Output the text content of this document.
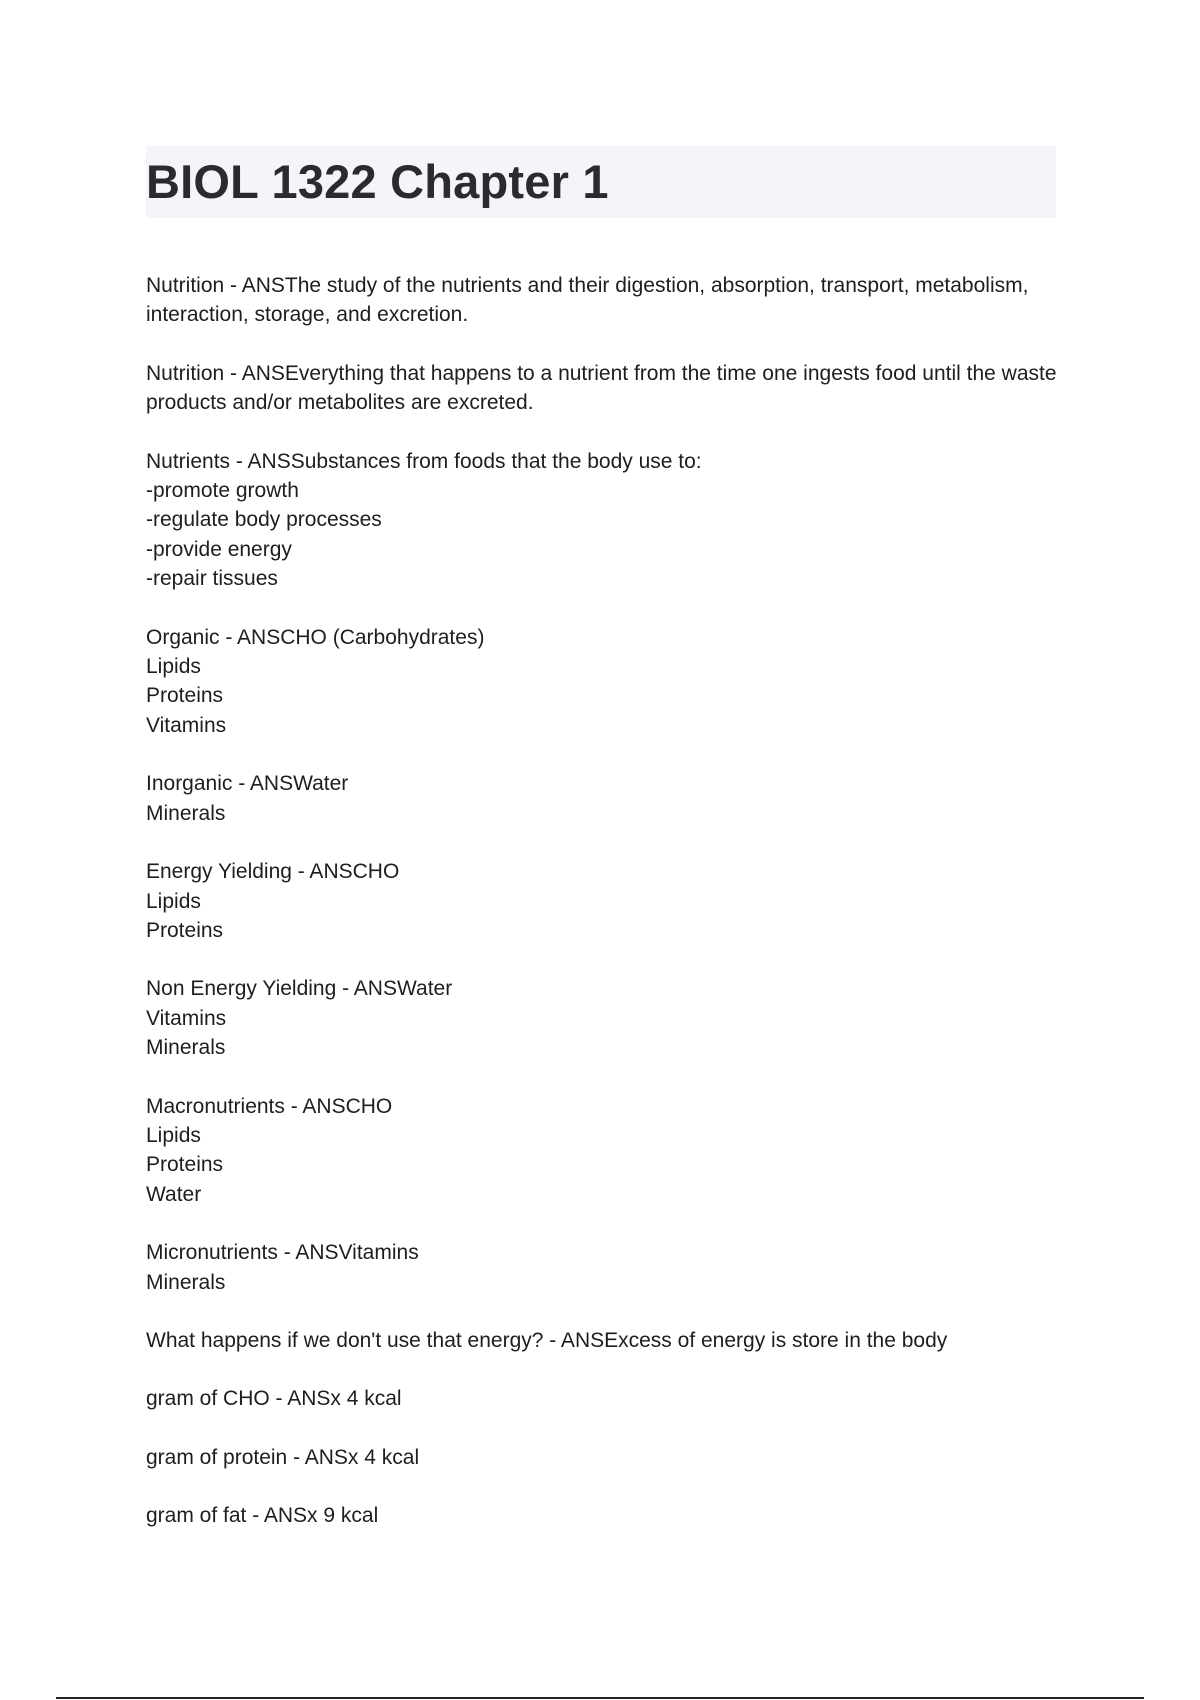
BIOL 1322 Chapter 1
Nutrition - ANSThe study of the nutrients and their digestion, absorption, transport, metabolism, interaction, storage, and excretion.
Nutrition - ANSEverything that happens to a nutrient from the time one ingests food until the waste products and/or metabolites are excreted.
Nutrients - ANSSubstances from foods that the body use to:
-promote growth
-regulate body processes
-provide energy
-repair tissues
Organic - ANSCHO (Carbohydrates)
Lipids
Proteins
Vitamins
Inorganic - ANSWater
Minerals
Energy Yielding - ANSCHO
Lipids
Proteins
Non Energy Yielding - ANSWater
Vitamins
Minerals
Macronutrients - ANSCHO
Lipids
Proteins
Water
Micronutrients - ANSVitamins
Minerals
What happens if we don't use that energy? - ANSExcess of energy is store in the body
gram of CHO - ANSx 4 kcal
gram of protein - ANSx 4 kcal
gram of fat - ANSx 9 kcal
